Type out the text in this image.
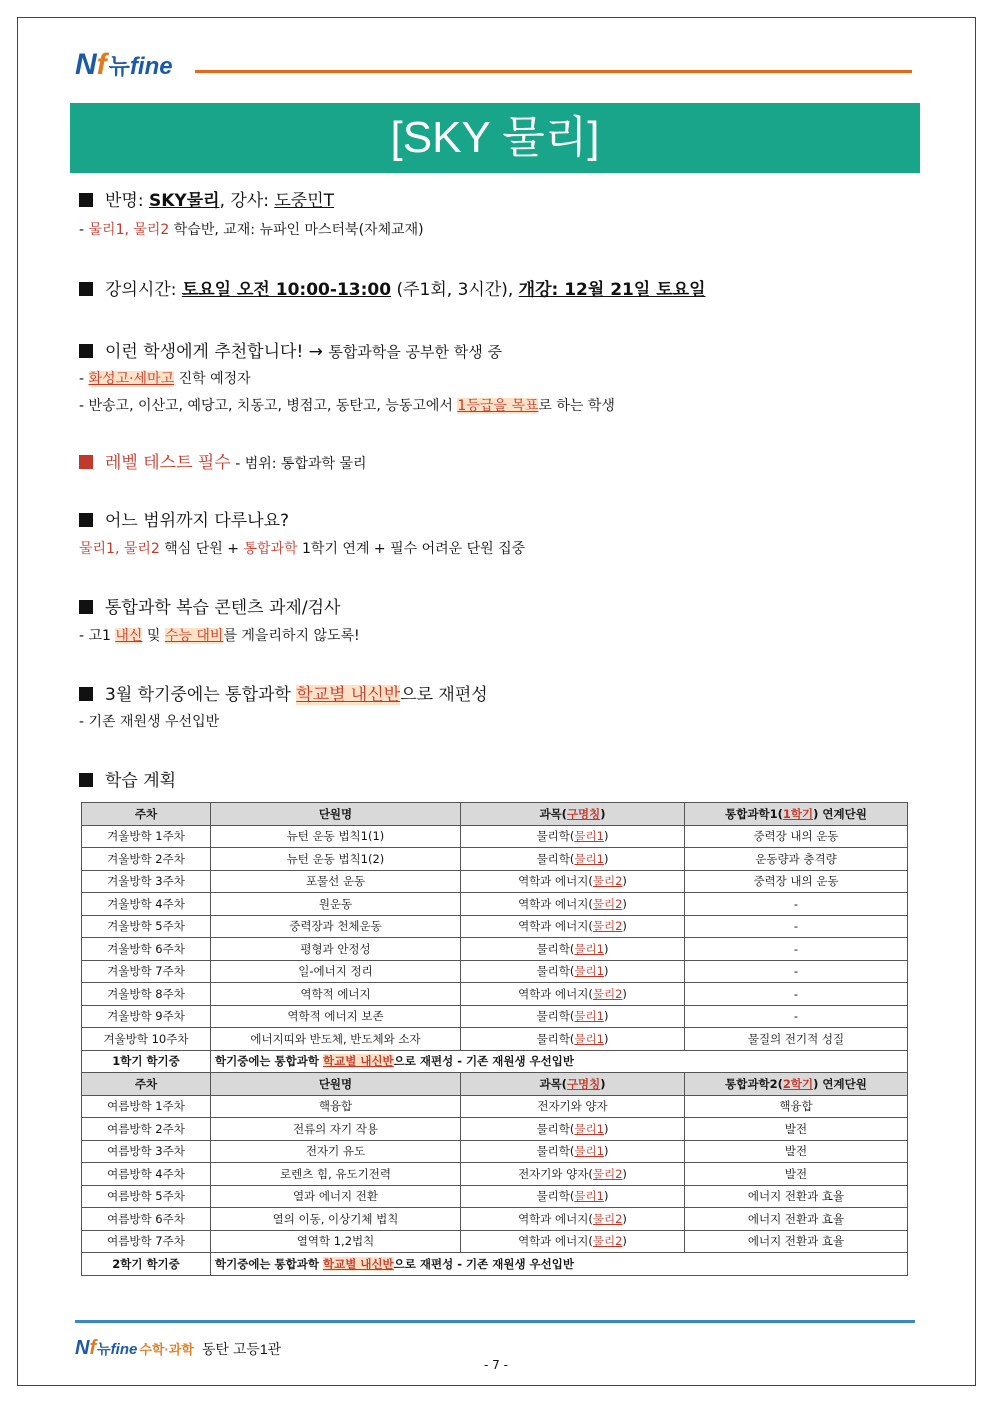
Nf 뉴 fine
[SKY 물리]
반명: SKY물리, 강사: 도중민T
- 물리1, 물리2 학습반, 교재: 뉴파인 마스터북(자체교재)
강의시간: 토요일 오전 10:00-13:00 (주1회, 3시간), 개강: 12월 21일 토요일
이런 학생에게 추천합니다! → 통합과학을 공부한 학생 중
- 화성고·세마고 진학 예정자
- 반송고, 이산고, 예당고, 치동고, 병점고, 동탄고, 능동고에서 1등급을 목표로 하는 학생
레벨 테스트 필수 - 범위: 통합과학 물리
어느 범위까지 다루나요?
물리1, 물리2 핵심 단원 + 통합과학 1학기 연계 + 필수 어려운 단원 집중
통합과학 복습 콘텐츠 과제/검사
- 고1 내신 및 수능 대비를 게을리하지 않도록!
3월 학기중에는 통합과학 학교별 내신반으로 재편성
- 기존 재원생 우선입반
학습 계획
주차	단원명	과목(구명칭)	통합과학1(1학기) 연계단원
겨울방학 1주차	뉴턴 운동 법칙1(1)	물리학(물리1)	중력장 내의 운동
겨울방학 2주차	뉴턴 운동 법칙1(2)	물리학(물리1)	운동량과 충격량
겨울방학 3주차	포물선 운동	역학과 에너지(물리2)	중력장 내의 운동
겨울방학 4주차	원운동	역학과 에너지(물리2)	-
겨울방학 5주차	중력장과 천체운동	역학과 에너지(물리2)	-
겨울방학 6주차	평형과 안정성	물리학(물리1)	-
겨울방학 7주차	일-에너지 정리	물리학(물리1)	-
겨울방학 8주차	역학적 에너지	역학과 에너지(물리2)	-
겨울방학 9주차	역학적 에너지 보존	물리학(물리1)	-
겨울방학 10주차	에너지띠와 반도체, 반도체와 소자	물리학(물리1)	물질의 전기적 성질
1학기 학기중	학기중에는 통합과학 학교별 내신반으로 재편성 - 기존 재원생 우선입반		
주차	단원명	과목(구명칭)	통합과학2(2학기) 연계단원
여름방학 1주차	핵융합	전자기와 양자	핵융합
여름방학 2주차	전류의 자기 작용	물리학(물리1)	발전
여름방학 3주차	전자기 유도	물리학(물리1)	발전
여름방학 4주차	로렌츠 힘, 유도기전력	전자기와 양자(물리2)	발전
여름방학 5주차	열과 에너지 전환	물리학(물리1)	에너지 전환과 효율
여름방학 6주차	열의 이동, 이상기체 법칙	역학과 에너지(물리2)	에너지 전환과 효율
여름방학 7주차	열역학 1,2법칙	역학과 에너지(물리2)	에너지 전환과 효율
2학기 학기중	학기중에는 통합과학 학교별 내신반으로 재편성 - 기존 재원생 우선입반		
Nf 뉴 fine 수학·과학 동탄 고등1관
- 7 -
